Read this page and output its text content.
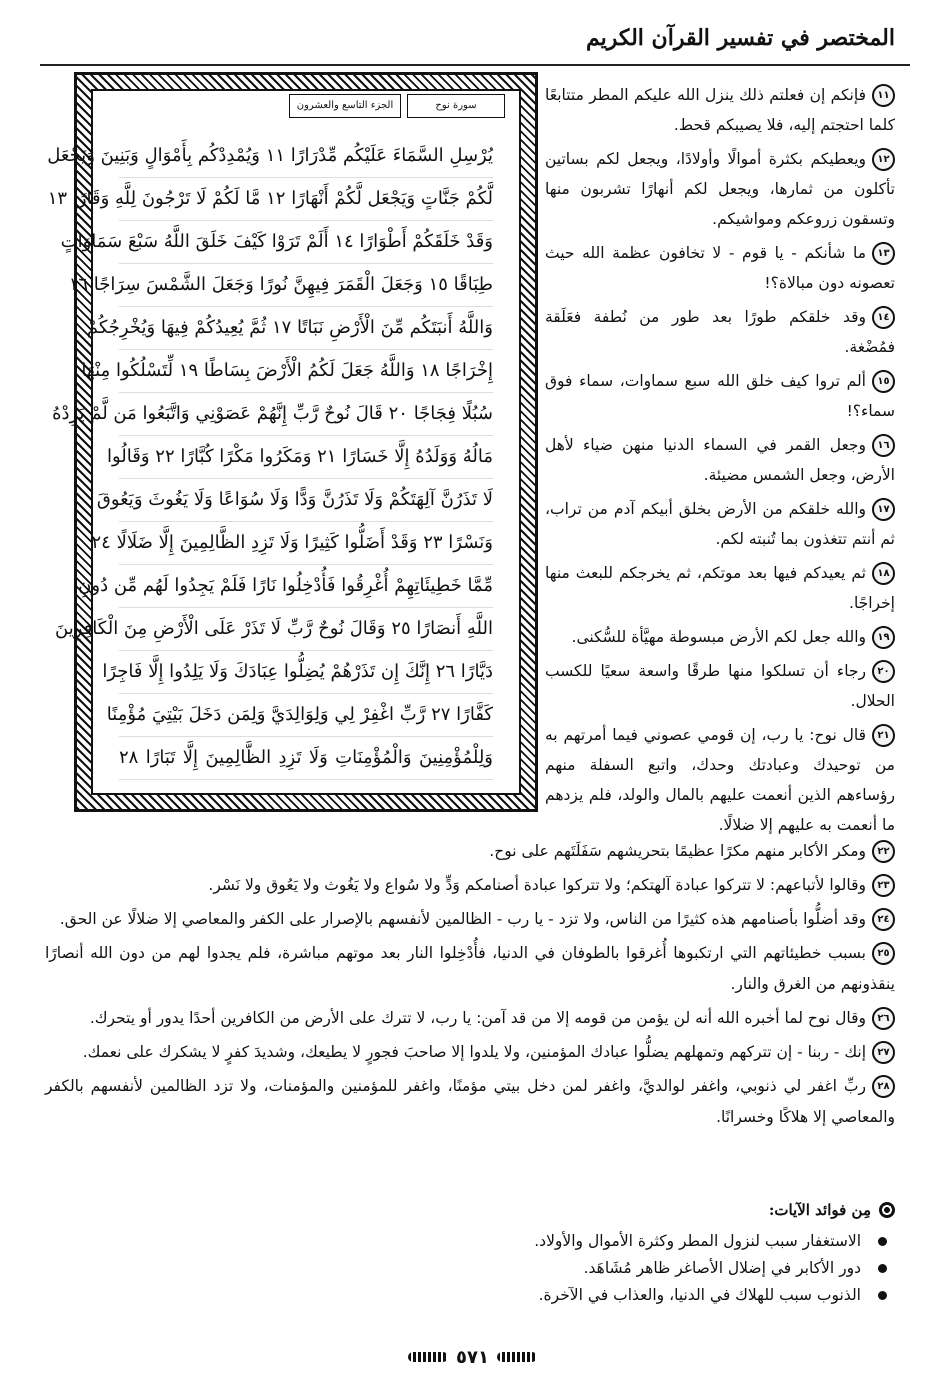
المختصر في تفسير القرآن الكريم
الجزء التاسع والعشرون	سورة نوح
يُرْسِلِ السَّمَاءَ عَلَيْكُم مِّدْرَارًا ١١ وَيُمْدِدْكُم بِأَمْوَالٍ وَبَنِينَ وَيَجْعَل
لَّكُمْ جَنَّاتٍ وَيَجْعَل لَّكُمْ أَنْهَارًا ١٢ مَّا لَكُمْ لَا تَرْجُونَ لِلَّهِ وَقَارًا ١٣
وَقَدْ خَلَقَكُمْ أَطْوَارًا ١٤ أَلَمْ تَرَوْا كَيْفَ خَلَقَ اللَّهُ سَبْعَ سَمَاوَاتٍ
طِبَاقًا ١٥ وَجَعَلَ الْقَمَرَ فِيهِنَّ نُورًا وَجَعَلَ الشَّمْسَ سِرَاجًا ١٦
وَاللَّهُ أَنبَتَكُم مِّنَ الْأَرْضِ نَبَاتًا ١٧ ثُمَّ يُعِيدُكُمْ فِيهَا وَيُخْرِجُكُمْ
إِخْرَاجًا ١٨ وَاللَّهُ جَعَلَ لَكُمُ الْأَرْضَ بِسَاطًا ١٩ لِّتَسْلُكُوا مِنْهَا
سُبُلًا فِجَاجًا ٢٠ قَالَ نُوحٌ رَّبِّ إِنَّهُمْ عَصَوْنِي وَاتَّبَعُوا مَن لَّمْ يَزِدْهُ
مَالُهُ وَوَلَدُهُ إِلَّا خَسَارًا ٢١ وَمَكَرُوا مَكْرًا كُبَّارًا ٢٢ وَقَالُوا
لَا تَذَرُنَّ آلِهَتَكُمْ وَلَا تَذَرُنَّ وَدًّا وَلَا سُوَاعًا وَلَا يَغُوثَ وَيَعُوقَ
وَنَسْرًا ٢٣ وَقَدْ أَضَلُّوا كَثِيرًا وَلَا تَزِدِ الظَّالِمِينَ إِلَّا ضَلَالًا ٢٤
مِّمَّا خَطِيئَاتِهِمْ أُغْرِقُوا فَأُدْخِلُوا نَارًا فَلَمْ يَجِدُوا لَهُم مِّن دُونِ
اللَّهِ أَنصَارًا ٢٥ وَقَالَ نُوحٌ رَّبِّ لَا تَذَرْ عَلَى الْأَرْضِ مِنَ الْكَافِرِينَ
دَيَّارًا ٢٦ إِنَّكَ إِن تَذَرْهُمْ يُضِلُّوا عِبَادَكَ وَلَا يَلِدُوا إِلَّا فَاجِرًا
كَفَّارًا ٢٧ رَّبِّ اغْفِرْ لِي وَلِوَالِدَيَّ وَلِمَن دَخَلَ بَيْتِيَ مُؤْمِنًا
وَلِلْمُؤْمِنِينَ وَالْمُؤْمِنَاتِ وَلَا تَزِدِ الظَّالِمِينَ إِلَّا تَبَارًا ٢٨

١١فإنكم إن فعلتم ذلك ينزل الله عليكم المطر متتابعًا كلما احتجتم إليه، فلا يصيبكم قحط.

١٢ويعطيكم بكثرة أموالًا وأولادًا، ويجعل لكم بساتين تأكلون من ثمارها، ويجعل لكم أنهارًا تشربون منها وتسقون زروعكم ومواشيكم.

١٣ما شأنكم - يا قوم - لا تخافون عظمة الله حيث تعصونه دون مبالاة؟!

١٤وقد خلقكم طورًا بعد طور من نُطفة فعَلَقة فمُضْغة.

١٥ألم تروا كيف خلق الله سبع سماوات، سماء فوق سماء؟!

١٦وجعل القمر في السماء الدنيا منهن ضياء لأهل الأرض، وجعل الشمس مضيئة.

١٧والله خلقكم من الأرض بخلق أبيكم آدم من تراب، ثم أنتم تتغذون بما تُنبته لكم.

١٨ثم يعيدكم فيها بعد موتكم، ثم يخرجكم للبعث منها إخراجًا.

١٩والله جعل لكم الأرض مبسوطة مهيَّأة للسُّكنى.

٢٠رجاء أن تسلكوا منها طرقًا واسعة سعيًا للكسب الحلال.

٢١قال نوح: يا رب، إن قومي عصوني فيما أمرتهم به من توحيدك وعبادتك وحدك، واتبع السفلة منهم رؤساءهم الذين أنعمت عليهم بالمال والولد، فلم يزدهم ما أنعمت به عليهم إلا ضلالًا.

٢٢ومكر الأكابر منهم مكرًا عظيمًا بتحريشهم سَفَلَتَهم على نوح.

٢٣وقالوا لأتباعهم: لا تتركوا عبادة آلهتكم؛ ولا تتركوا عبادة أصنامكم وَدٍّ ولا سُواع ولا يَغُوث ولا يَعُوق ولا نَسْر.

٢٤وقد أضلُّوا بأصنامهم هذه كثيرًا من الناس، ولا تزد - يا رب - الظالمين لأنفسهم بالإصرار على الكفر والمعاصي إلا ضلالًا عن الحق.

٢٥بسبب خطيئاتهم التي ارتكبوها أُغرقوا بالطوفان في الدنيا، فأُدْخِلوا النار بعد موتهم مباشرة، فلم يجدوا لهم من دون الله أنصارًا ينقذونهم من الغرق والنار.

٢٦وقال نوح لما أخبره الله أنه لن يؤمن من قومه إلا من قد آمن: يا رب، لا تترك على الأرض من الكافرين أحدًا يدور أو يتحرك.

٢٧إنك - ربنا - إن تتركهم وتمهلهم يضلُّوا عبادك المؤمنين، ولا يلدوا إلا صاحبَ فجورٍ لا يطيعك، وشديدَ كفرٍ لا يشكرك على نعمك.

٢٨ربِّ اغفر لي ذنوبي، واغفر لوالديَّ، واغفر لمن دخل بيتي مؤمنًا، واغفر للمؤمنين والمؤمنات، ولا تزد الظالمين لأنفسهم بالكفر والمعاصي إلا هلاكًا وخسرانًا.

مِن فوائد الآيات:
الاستغفار سبب لنزول المطر وكثرة الأموال والأولاد.
دور الأكابر في إضلال الأصاغر ظاهر مُشَاهَد.
الذنوب سبب للهلاك في الدنيا، والعذاب في الآخرة.
٥٧١
